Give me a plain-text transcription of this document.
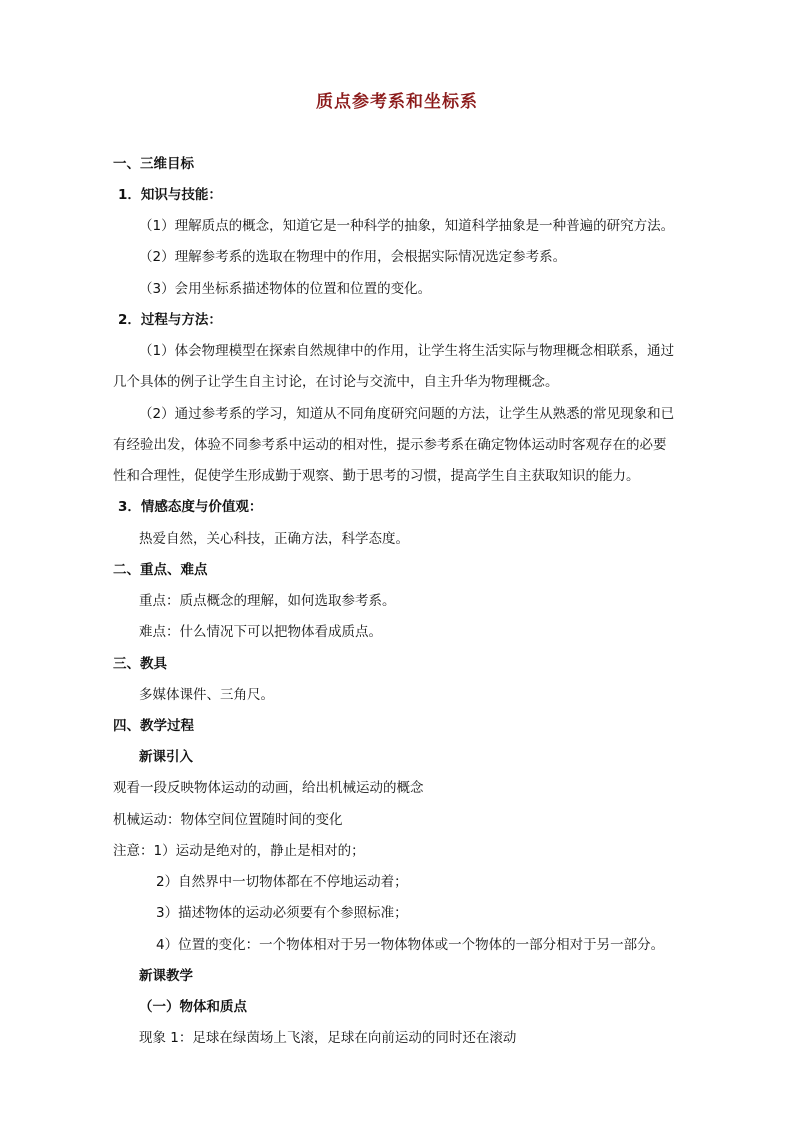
质点参考系和坐标系
一、三维目标
1．知识与技能：
（1）理解质点的概念，知道它是一种科学的抽象，知道科学抽象是一种普遍的研究方法。
（2）理解参考系的选取在物理中的作用，会根据实际情况选定参考系。
（3）会用坐标系描述物体的位置和位置的变化。
2．过程与方法：
（1）体会物理模型在探索自然规律中的作用，让学生将生活实际与物理概念相联系，通过
几个具体的例子让学生自主讨论，在讨论与交流中，自主升华为物理概念。
（2）通过参考系的学习，知道从不同角度研究问题的方法，让学生从熟悉的常见现象和已
有经验出发，体验不同参考系中运动的相对性，提示参考系在确定物体运动时客观存在的必要
性和合理性，促使学生形成勤于观察、勤于思考的习惯，提高学生自主获取知识的能力。
3．情感态度与价值观：
热爱自然，关心科技，正确方法，科学态度。
二、重点、难点
重点：质点概念的理解，如何选取参考系。
难点：什么情况下可以把物体看成质点。
三、教具
多媒体课件、三角尺。
四、教学过程
新课引入
观看一段反映物体运动的动画，给出机械运动的概念
机械运动：物体空间位置随时间的变化
注意：1）运动是绝对的，静止是相对的；
2）自然界中一切物体都在不停地运动着；
3）描述物体的运动必须要有个参照标准；
4）位置的变化：一个物体相对于另一物体物体或一个物体的一部分相对于另一部分。
新课教学
（一）物体和质点
现象 1：足球在绿茵场上飞滚，足球在向前运动的同时还在滚动
